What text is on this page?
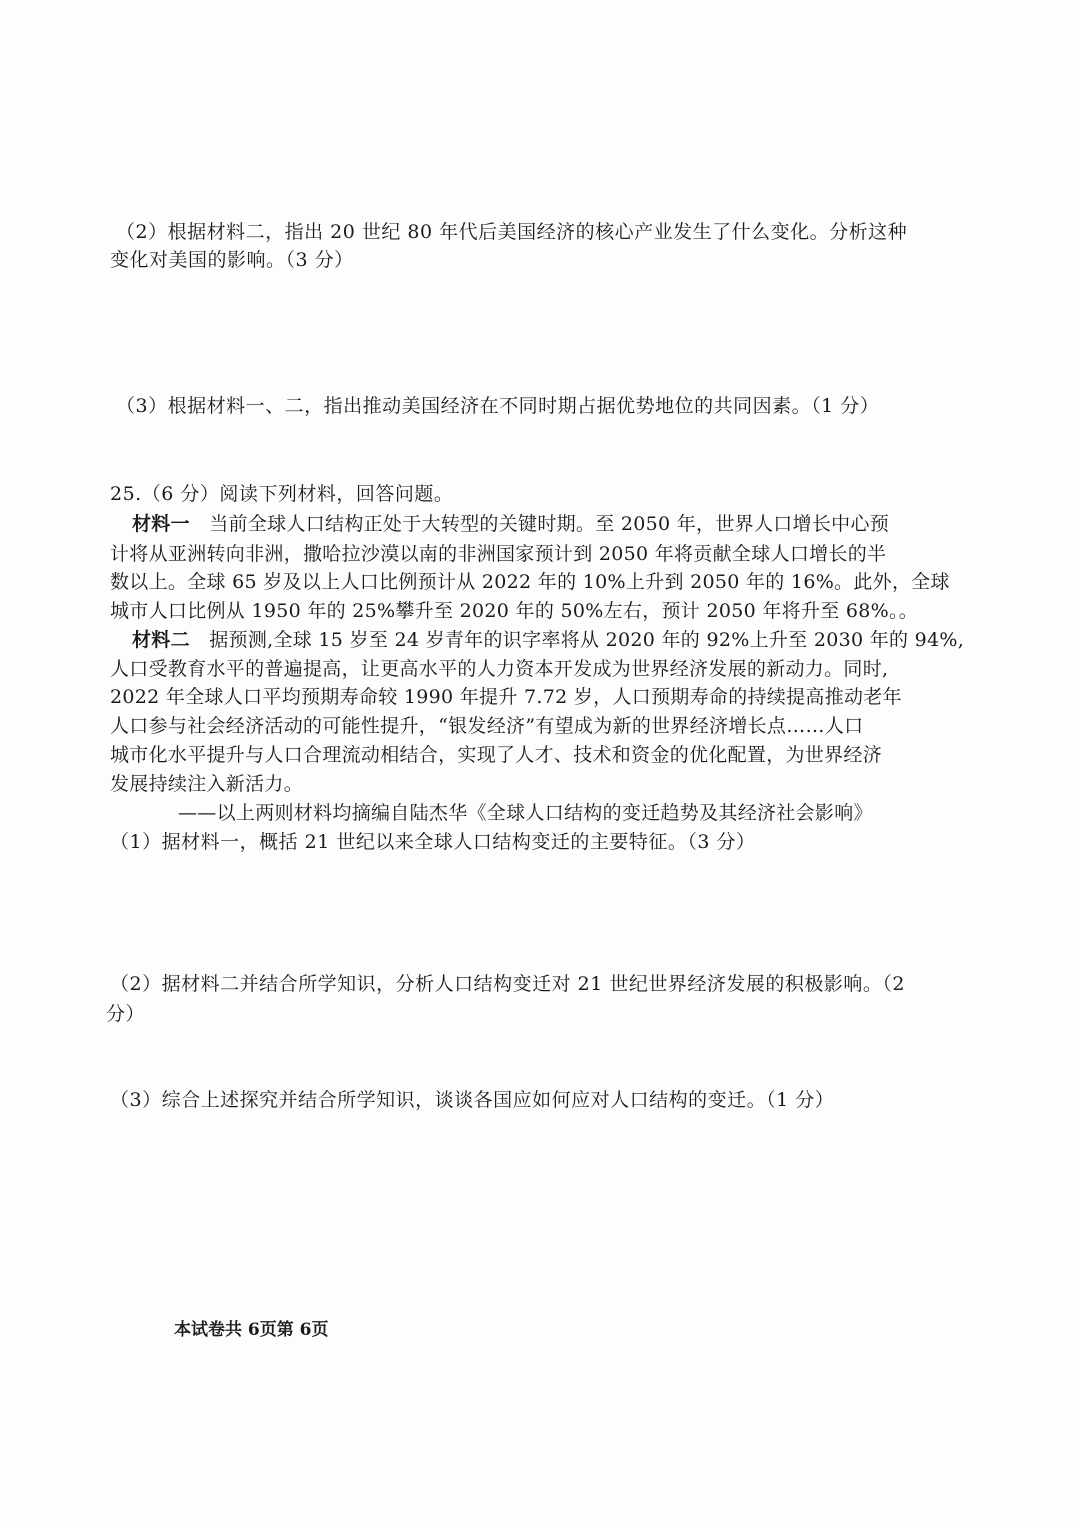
（2）根据材料二，指出 20 世纪 80 年代后美国经济的核心产业发生了什么变化。分析这种
变化对美国的影响。（3 分）
（3）根据材料一、二，指出推动美国经济在不同时期占据优势地位的共同因素。（1 分）
25.（6 分）阅读下列材料，回答问题。
材料一　 当前全球人口结构正处于大转型的关键时期。至 2050 年，世界人口增长中心预
计将从亚洲转向非洲，撒哈拉沙漠以南的非洲国家预计到 2050 年将贡献全球人口增长的半
数以上。全球 65 岁及以上人口比例预计从 2022 年的 10%上升到 2050 年的 16%。此外，全球
城市人口比例从 1950 年的 25%攀升至 2020 年的 50%左右，预计 2050 年将升至 68%。。
材料二　 据预测,全球 15 岁至 24 岁青年的识字率将从 2020 年的 92%上升至 2030 年的 94%,
人口受教育水平的普遍提高，让更高水平的人力资本开发成为世界经济发展的新动力。同时,
2022 年全球人口平均预期寿命较 1990 年提升 7.72 岁，人口预期寿命的持续提高推动老年
人口参与社会经济活动的可能性提升，“银发经济”有望成为新的世界经济增长点……人口
城市化水平提升与人口合理流动相结合，实现了人才、技术和资金的优化配置，为世界经济
发展持续注入新活力。
——以上两则材料均摘编自陆杰华《全球人口结构的变迁趋势及其经济社会影响》
（1）据材料一，概括 21 世纪以来全球人口结构变迁的主要特征。（3 分）
（2）据材料二并结合所学知识，分析人口结构变迁对 21 世纪世界经济发展的积极影响。（2
分）
（3）综合上述探究并结合所学知识，谈谈各国应如何应对人口结构的变迁。（1 分）
本试卷共 6页第 6页
